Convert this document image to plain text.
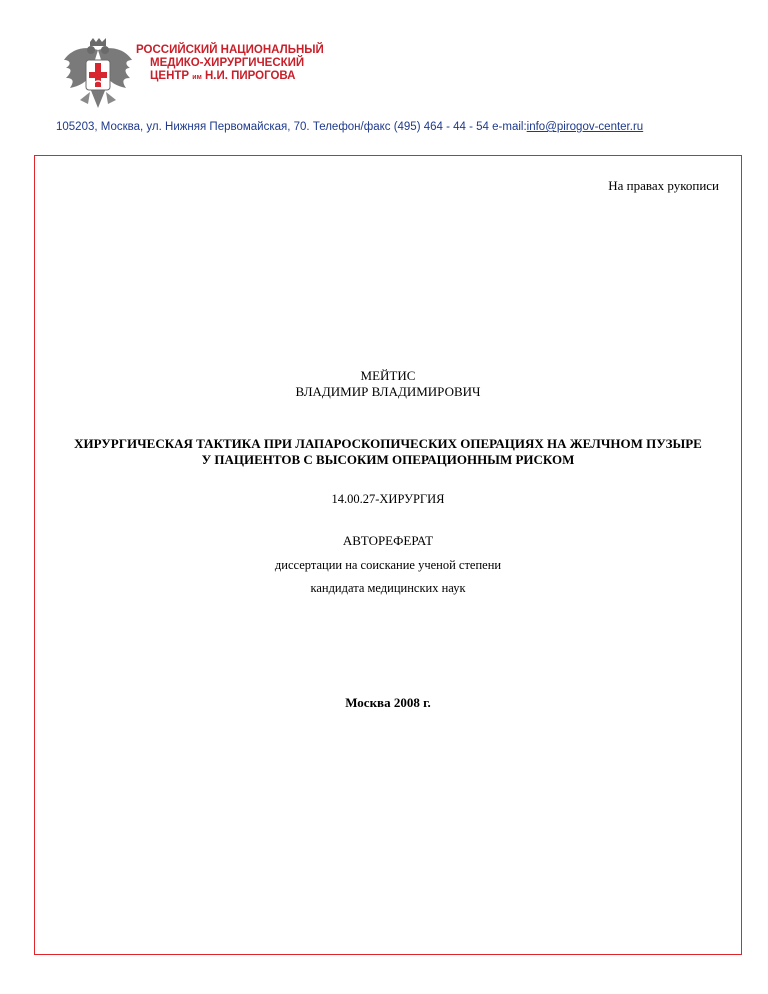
РОССИЙСКИЙ НАЦИОНАЛЬНЫЙ
МЕДИКО-ХИРУРГИЧЕСКИЙ
ЦЕНТР им Н.И. ПИРОГОВА
105203, Москва, ул. Нижняя Первомайская, 70. Телефон/факс (495) 464 - 44 - 54 e-mail:info@pirogov-center.ru
На правах рукописи
МЕЙТИС
ВЛАДИМИР ВЛАДИМИРОВИЧ
ХИРУРГИЧЕСКАЯ ТАКТИКА ПРИ ЛАПАРОСКОПИЧЕСКИХ ОПЕРАЦИЯХ НА ЖЕЛЧНОМ ПУЗЫРЕ
У ПАЦИЕНТОВ С ВЫСОКИМ ОПЕРАЦИОННЫМ РИСКОМ
14.00.27-ХИРУРГИЯ
АВТОРЕФЕРАТ
диссертации на соискание ученой степени
кандидата медицинских наук
Москва 2008 г.
